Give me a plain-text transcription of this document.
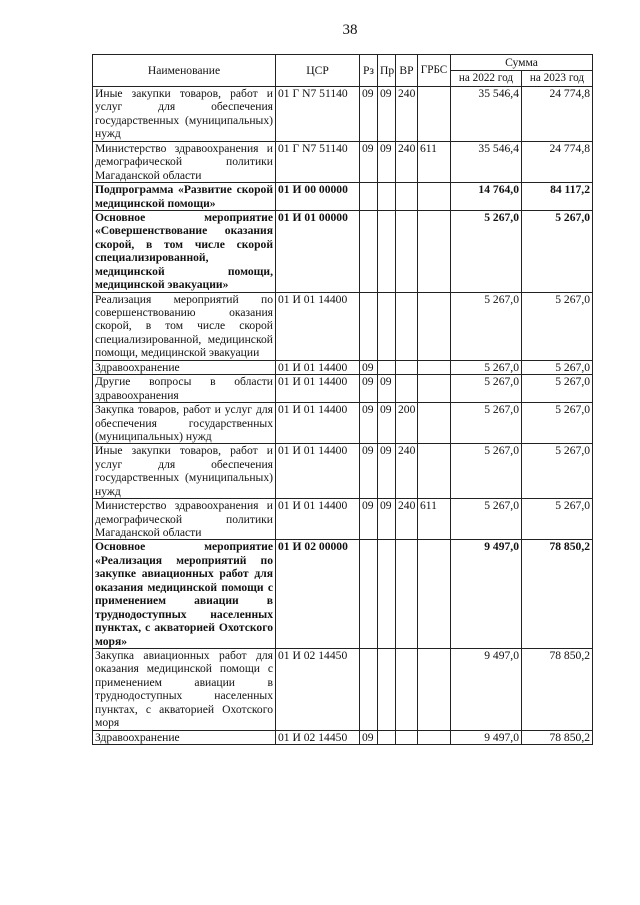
38
Наименование	ЦСР	Рз	Пр	ВР	ГРБС	Сумма	
						на 2022 год	на 2023 год
Иные закупки товаров, работ и услуг для обеспечения государственных (муниципальных) нужд	01 Г N7 51140	09	09	240		35 546,4	24 774,8
Министерство здравоохранения и демографической политики Магаданской области	01 Г N7 51140	09	09	240	611	35 546,4	24 774,8
Подпрограмма «Развитие скорой медицинской помощи»	01 И 00 00000					14 764,0	84 117,2
Основное мероприятие «Совершенствование оказания скорой, в том числе скорой специализированной, медицинской помощи, медицинской эвакуации»	01 И 01 00000					5 267,0	5 267,0
Реализация мероприятий по совершенствованию оказания скорой, в том числе скорой специализированной, медицинской помощи, медицинской эвакуации	01 И 01 14400					5 267,0	5 267,0
Здравоохранение	01 И 01 14400	09				5 267,0	5 267,0
Другие вопросы в области здравоохранения	01 И 01 14400	09	09			5 267,0	5 267,0
Закупка товаров, работ и услуг для обеспечения государственных (муниципальных) нужд	01 И 01 14400	09	09	200		5 267,0	5 267,0
Иные закупки товаров, работ и услуг для обеспечения государственных (муниципальных) нужд	01 И 01 14400	09	09	240		5 267,0	5 267,0
Министерство здравоохранения и демографической политики Магаданской области	01 И 01 14400	09	09	240	611	5 267,0	5 267,0
Основное мероприятие «Реализация мероприятий по закупке авиационных работ для оказания медицинской помощи с применением авиации в труднодоступных населенных пунктах, с акваторией Охотского моря»	01 И 02 00000					9 497,0	78 850,2
Закупка авиационных работ для оказания медицинской помощи с применением авиации в труднодоступных населенных пунктах, с акваторией Охотского моря	01 И 02 14450					9 497,0	78 850,2
Здравоохранение	01 И 02 14450	09				9 497,0	78 850,2
